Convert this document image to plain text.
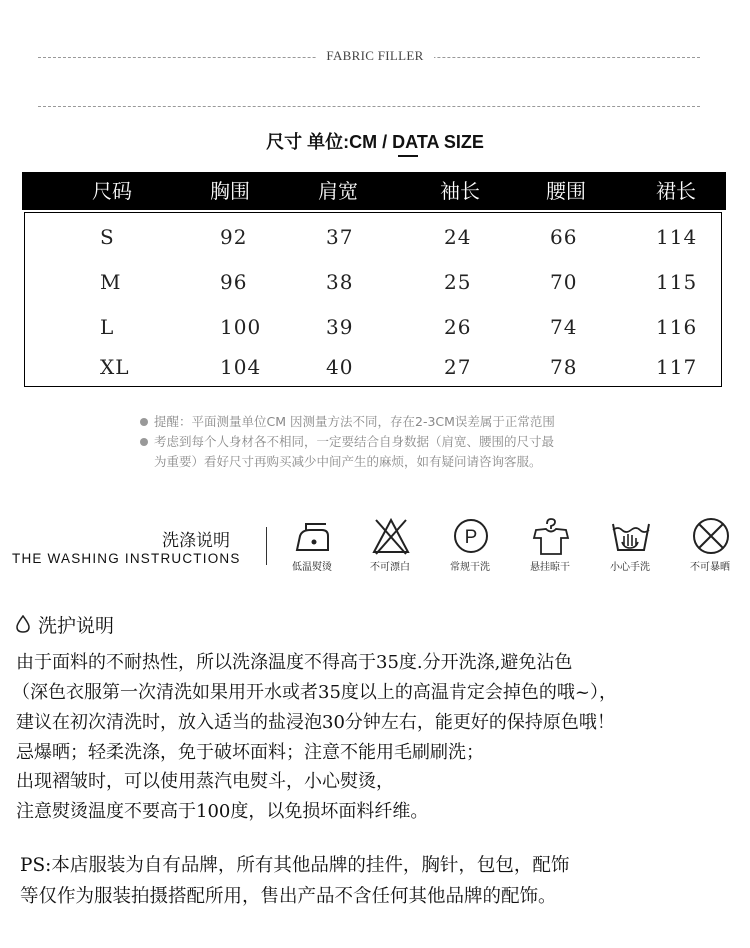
FABRIC FILLER
尺寸 单位:CM / DATA SIZE
尺码	胸围	肩宽	袖长	腰围	裙长
S	92	37	24	66	114
M	96	38	25	70	115
L	100	39	26	74	116
XL	104	40	27	78	117
提醒：平面测量单位CM 因测量方法不同，存在2-3CM误差属于正常范围
考虑到每个人身材各不相同，一定要结合自身数据（肩宽、腰围的尺寸最
为重要）看好尺寸再购买减少中间产生的麻烦，如有疑问请咨询客服。
洗涤说明
THE WASHING INSTRUCTIONS
低温熨烫	不可漂白
P
常规干洗	悬挂晾干	小心手洗	不可暴晒
洗护说明
由于面料的不耐热性，所以洗涤温度不得高于35度.分开洗涤,避免沾色
（深色衣服第一次清洗如果用开水或者35度以上的高温肯定会掉色的哦~），
建议在初次清洗时，放入适当的盐浸泡30分钟左右，能更好的保持原色哦！
忌爆晒；轻柔洗涤，免于破坏面料；注意不能用毛刷刷洗；
出现褶皱时，可以使用蒸汽电熨斗，小心熨烫，
注意熨烫温度不要高于100度，以免损坏面料纤维。
PS:本店服装为自有品牌，所有其他品牌的挂件，胸针，包包，配饰
等仅作为服装拍摄搭配所用，售出产品不含任何其他品牌的配饰。
